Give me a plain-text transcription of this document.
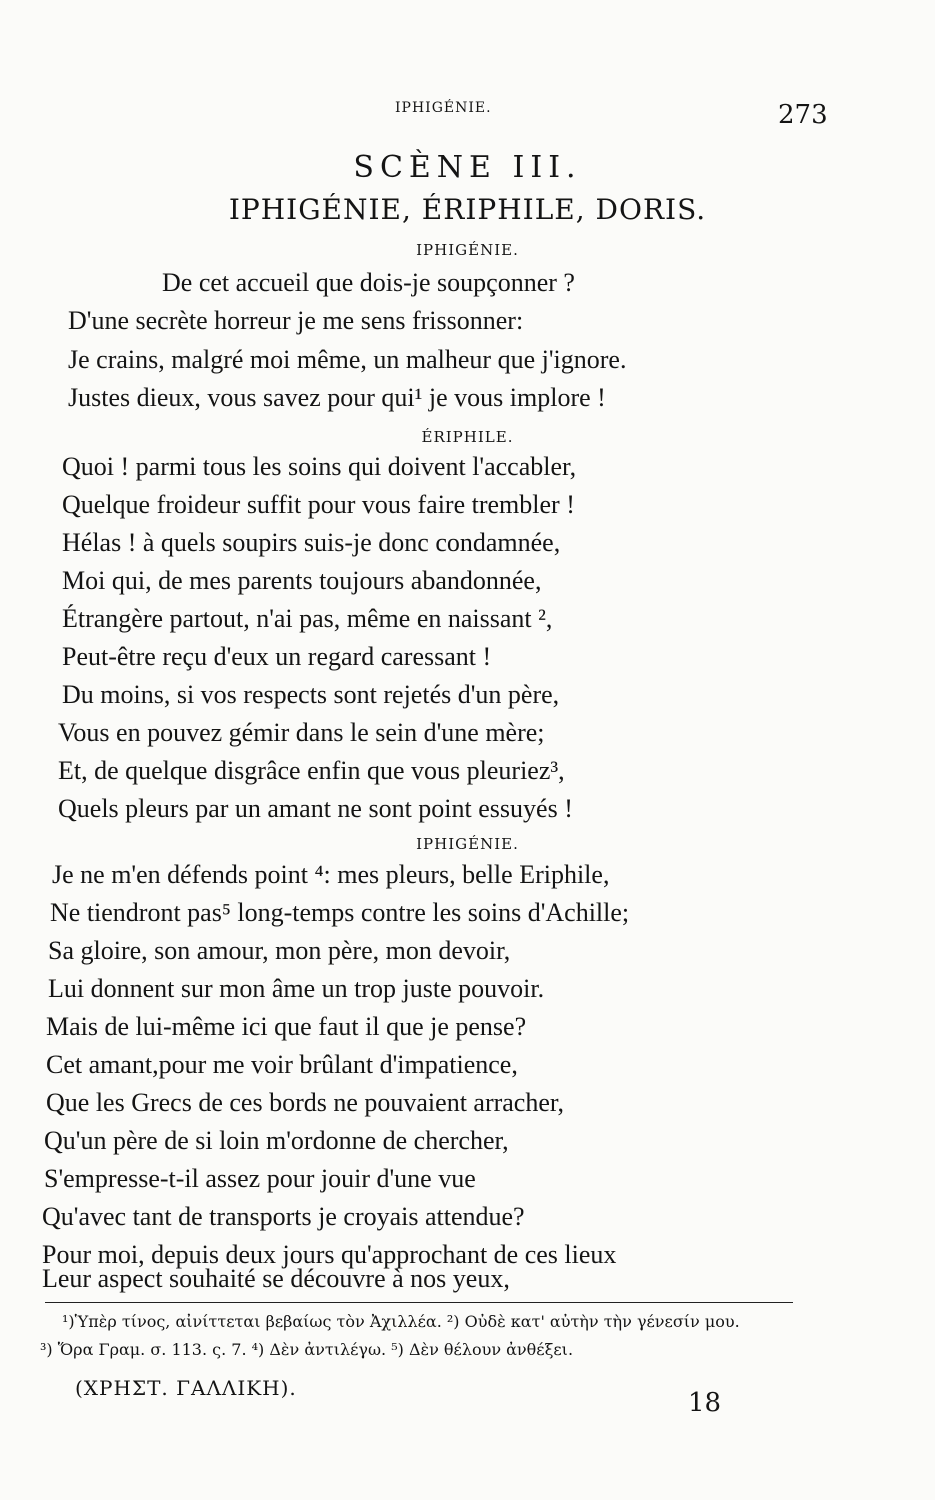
IPHIGÉNIE.	273
SCÈNE III.
IPHIGÉNIE, ÉRIPHILE, DORIS.
IPHIGÉNIE.
De cet accueil que dois-je soupçonner ?
D'une secrète horreur je me sens frissonner:
Je crains, malgré moi même, un malheur que j'ignore.
Justes dieux, vous savez pour qui¹ je vous implore !
ÉRIPHILE.
Quoi ! parmi tous les soins qui doivent l'accabler,
Quelque froideur suffit pour vous faire trembler !
Hélas ! à quels soupirs suis-je donc condamnée,
Moi qui, de mes parents toujours abandonnée,
Étrangère partout, n'ai pas, même en naissant ²,
Peut-être reçu d'eux un regard caressant !
Du moins, si vos respects sont rejetés d'un père,
Vous en pouvez gémir dans le sein d'une mère;
Et, de quelque disgrâce enfin que vous pleuriez³,
Quels pleurs par un amant ne sont point essuyés !
IPHIGÉNIE.
Je ne m'en défends point ⁴: mes pleurs, belle Eriphile,
Ne tiendront pas⁵ long-temps contre les soins d'Achille;
Sa gloire, son amour, mon père, mon devoir,
Lui donnent sur mon âme un trop juste pouvoir.
Mais de lui-même ici que faut il que je pense?
Cet amant,pour me voir brûlant d'impatience,
Que les Grecs de ces bords ne pouvaient arracher,
Qu'un père de si loin m'ordonne de chercher,
S'empresse-t-il assez pour jouir d'une vue
Qu'avec tant de transports je croyais attendue?
Pour moi, depuis deux jours qu'approchant de ces lieux
Leur aspect souhaité se découvre à nos yeux,
¹)Ὑπὲρ τίνος, αἰνίττεται βεβαίως τὸν Ἀχιλλέα. ²) Οὐδὲ κατ' αὐτὴν τὴν γένεσίν μου.
³) Ὅρα Γραμ. σ. 113. ς. 7. ⁴) Δὲν ἀντιλέγω. ⁵) Δὲν θέλουν ἀνθέξει.
(ΧΡΗΣΤ. ΓΑΛΛΙΚΗ).	18
